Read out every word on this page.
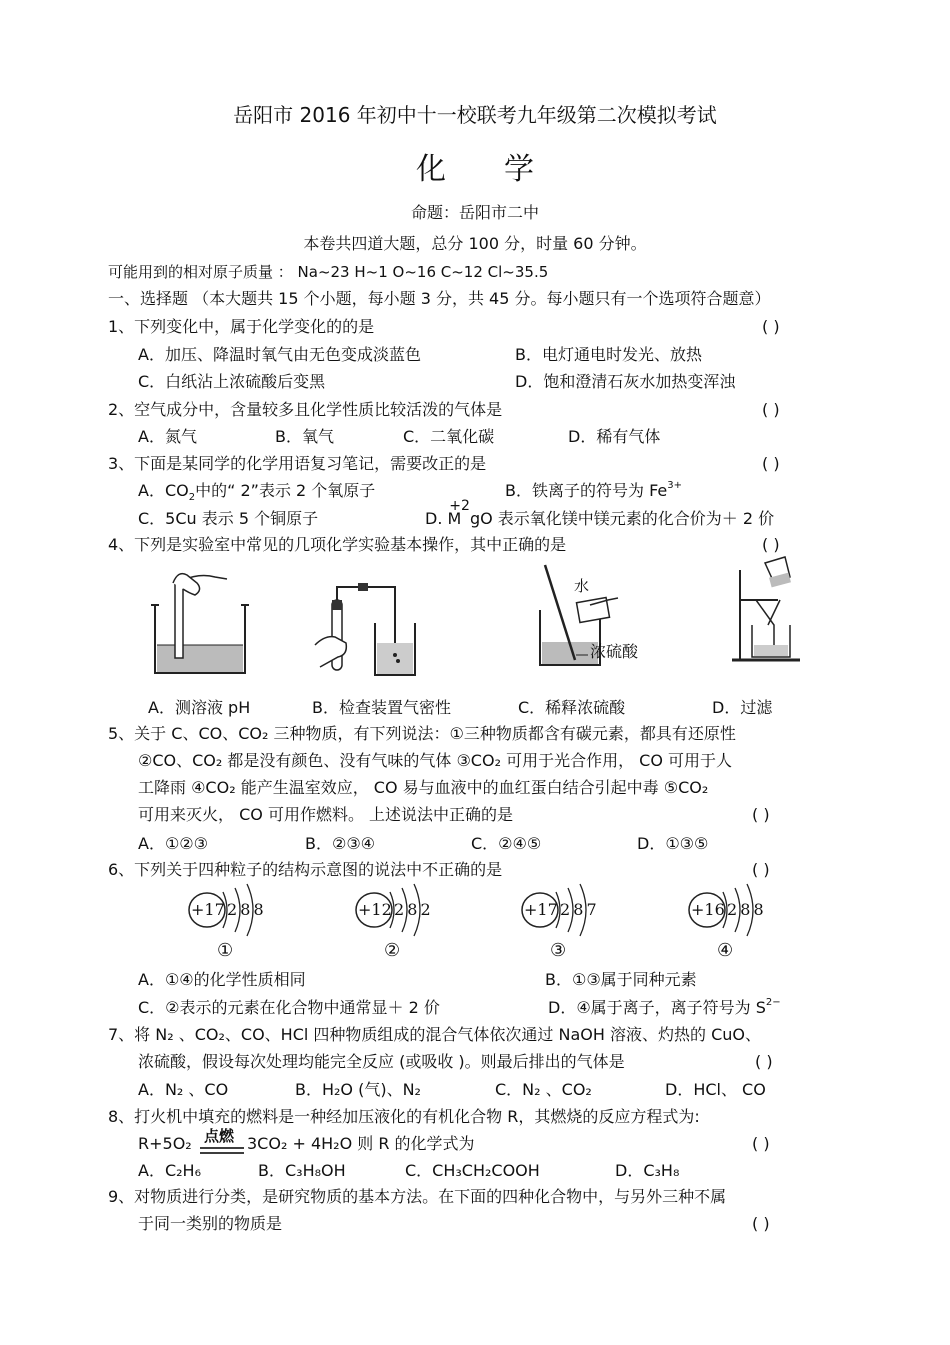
岳阳市 2016 年初中十一校联考九年级第二次模拟考试
化学
命题：岳阳市二中
本卷共四道大题，总分 100 分，时量 60 分钟。
可能用到的相对原子质量 ： Na~23 H~1 O~16 C~12 Cl~35.5
一、选择题 （本大题共 15 个小题，每小题 3 分，共 45 分。每小题只有一个选项符合题意）
1、下列变化中，属于化学变化的的是	( )
A．加压、降温时氧气由无色变成淡蓝色	B．电灯通电时发光、放热
C．白纸沾上浓硫酸后变黑	D．饱和澄清石灰水加热变浑浊
2、空气成分中，含量较多且化学性质比较活泼的气体是	( )
A．氮气	B．氧气	C．二氧化碳	D．稀有气体
3、下面是某同学的化学用语复习笔记，需要改正的是	( )
A．$CO_2$中的“ 2”表示 2 个氧原子	B．铁离子的符号为 $Fe^{3+}$
C．5Cu 表示 5 个铜原子	D. M+2gO 表示氧化镁中镁元素的化合价为＋ 2 价
4、下列是实验室中常见的几项化学实验基本操作，其中正确的是	( )
水
浓硫酸
A．测溶液 pH	B．检查装置气密性	C．稀释浓硫酸	D．过滤
5、关于 C、CO、CO₂ 三种物质，有下列说法：①三种物质都含有碳元素，都具有还原性
②CO、CO₂ 都是没有颜色、没有气味的气体 ③CO₂ 可用于光合作用， CO 可用于人
工降雨 ④CO₂ 能产生温室效应， CO 易与血液中的血红蛋白结合引起中毒 ⑤CO₂
可用来灭火， CO 可用作燃料。 上述说法中正确的是	( )
A．①②③	B．②③④	C．②④⑤	D．①③⑤
6、下列关于四种粒子的结构示意图的说法中不正确的是	( )
+17 2 8 8
①
+12 2 8 2
②
+17 2 8 7
③
+16 2 8 8
④
A．①④的化学性质相同	B．①③属于同种元素
C．②表示的元素在化合物中通常显＋ 2 价	D．④属于离子，离子符号为 $S^{2-}$
7、将 N₂ 、CO₂、CO、HCl 四种物质组成的混合气体依次通过 NaOH 溶液、灼热的 CuO、
浓硫酸，假设每次处理均能完全反应 (或吸收 )。则最后排出的气体是	( )
A．N₂ 、CO	B．H₂O (气)、N₂	C．N₂ 、CO₂	D．HCl、 CO
8、打火机中填充的燃料是一种经加压液化的有机化合物 R，其燃烧的反应方程式为:
R+5O₂ 点燃 3CO₂ + 4H₂O 则 R 的化学式为	( )
A．C₂H₆	B．C₃H₈OH	C．CH₃CH₂COOH	D．C₃H₈
9、对物质进行分类，是研究物质的基本方法。在下面的四种化合物中，与另外三种不属
于同一类别的物质是	( )
